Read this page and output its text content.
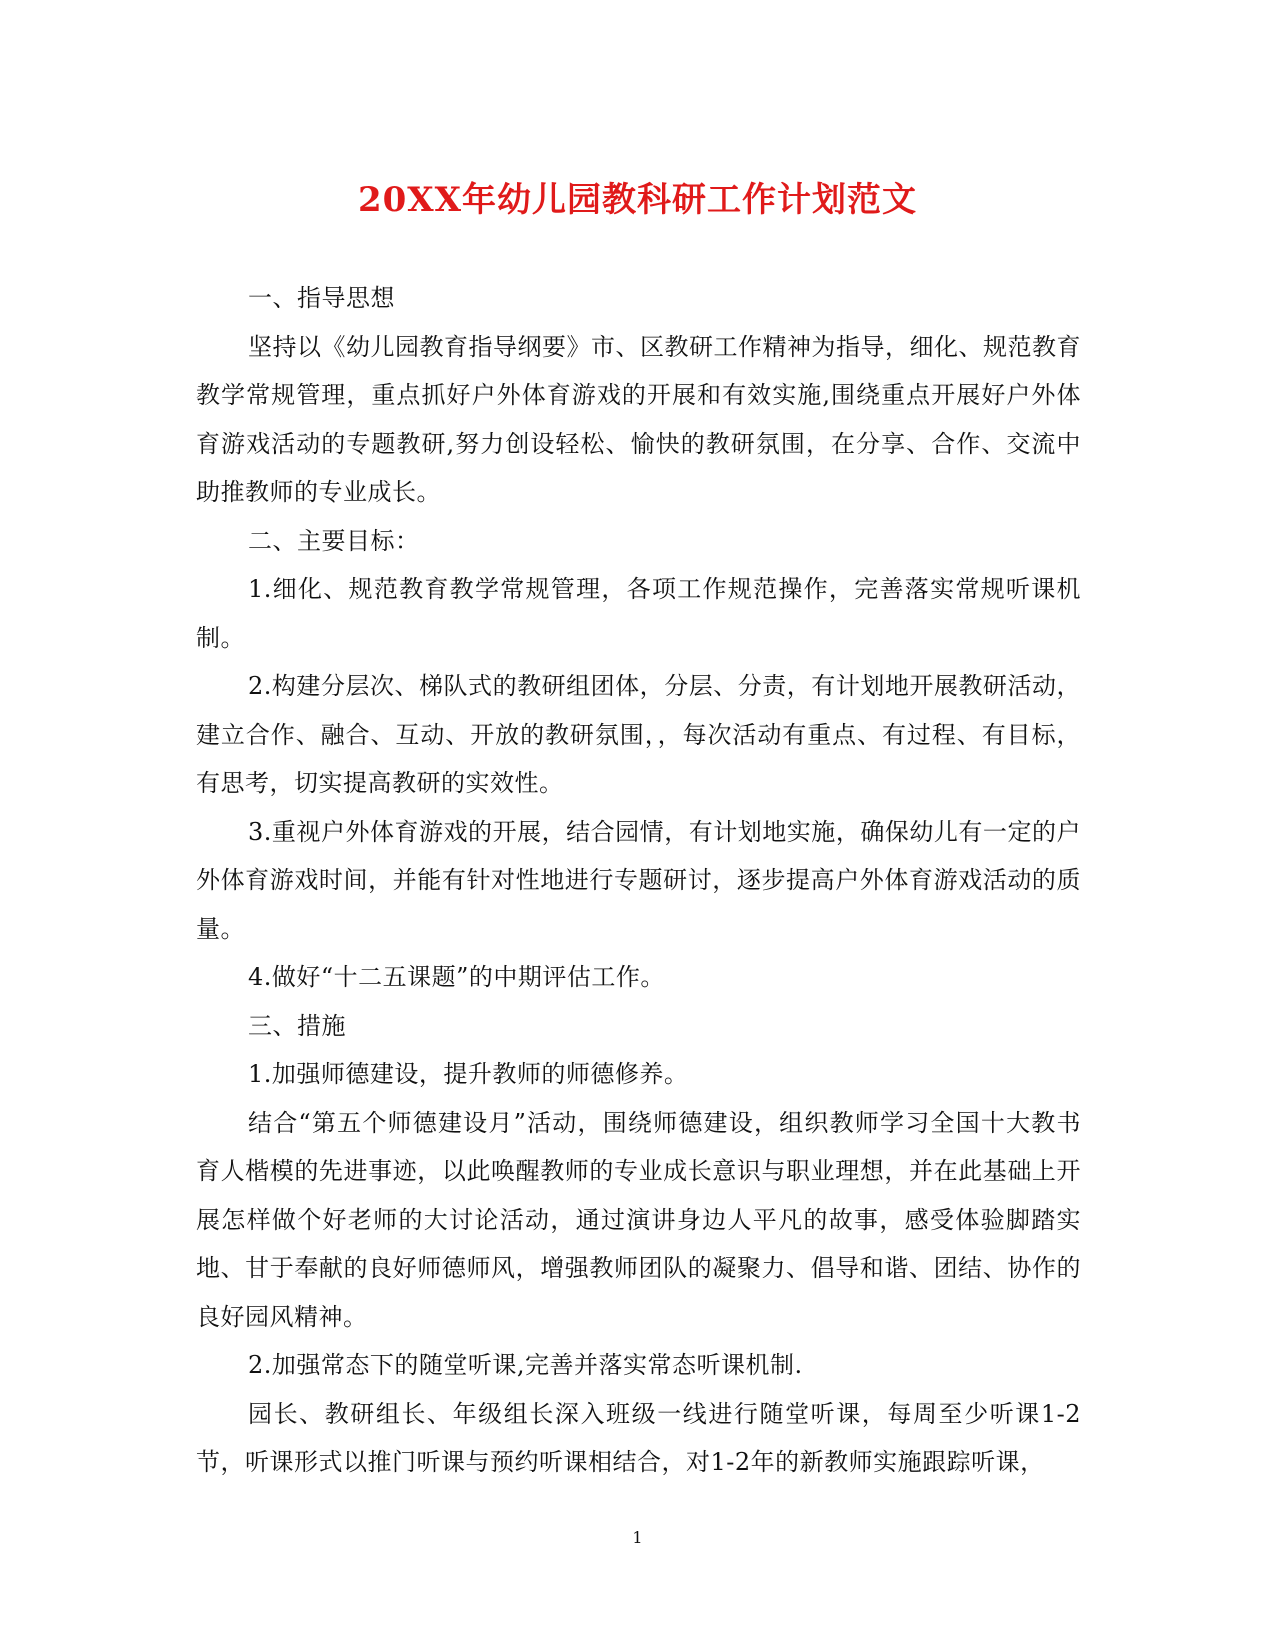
20XX年幼儿园教科研工作计划范文

一、指导思想

坚持以《幼儿园教育指导纲要》市、区教研工作精神为指导，细化、规范教育教学常规管理，重点抓好户外体育游戏的开展和有效实施,围绕重点开展好户外体育游戏活动的专题教研,努力创设轻松、愉快的教研氛围，在分享、合作、交流中助推教师的专业成长。

二、主要目标：

1.细化、规范教育教学常规管理，各项工作规范操作，完善落实常规听课机制。

2.构建分层次、梯队式的教研组团体，分层、分责，有计划地开展教研活动，建立合作、融合、互动、开放的教研氛围，，每次活动有重点、有过程、有目标，有思考，切实提高教研的实效性。

3.重视户外体育游戏的开展，结合园情，有计划地实施，确保幼儿有一定的户外体育游戏时间，并能有针对性地进行专题研讨，逐步提高户外体育游戏活动的质量。

4.做好“十二五课题”的中期评估工作。

三、措施

1.加强师德建设，提升教师的师德修养。

结合“第五个师德建设月”活动，围绕师德建设，组织教师学习全国十大教书育人楷模的先进事迹，以此唤醒教师的专业成长意识与职业理想，并在此基础上开展怎样做个好老师的大讨论活动，通过演讲身边人平凡的故事，感受体验脚踏实地、甘于奉献的良好师德师风，增强教师团队的凝聚力、倡导和谐、团结、协作的良好园风精神。

2.加强常态下的随堂听课,完善并落实常态听课机制.

园长、教研组长、年级组长深入班级一线进行随堂听课，每周至少听课1-2节，听课形式以推门听课与预约听课相结合，对1-2年的新教师实施跟踪听课，

1
